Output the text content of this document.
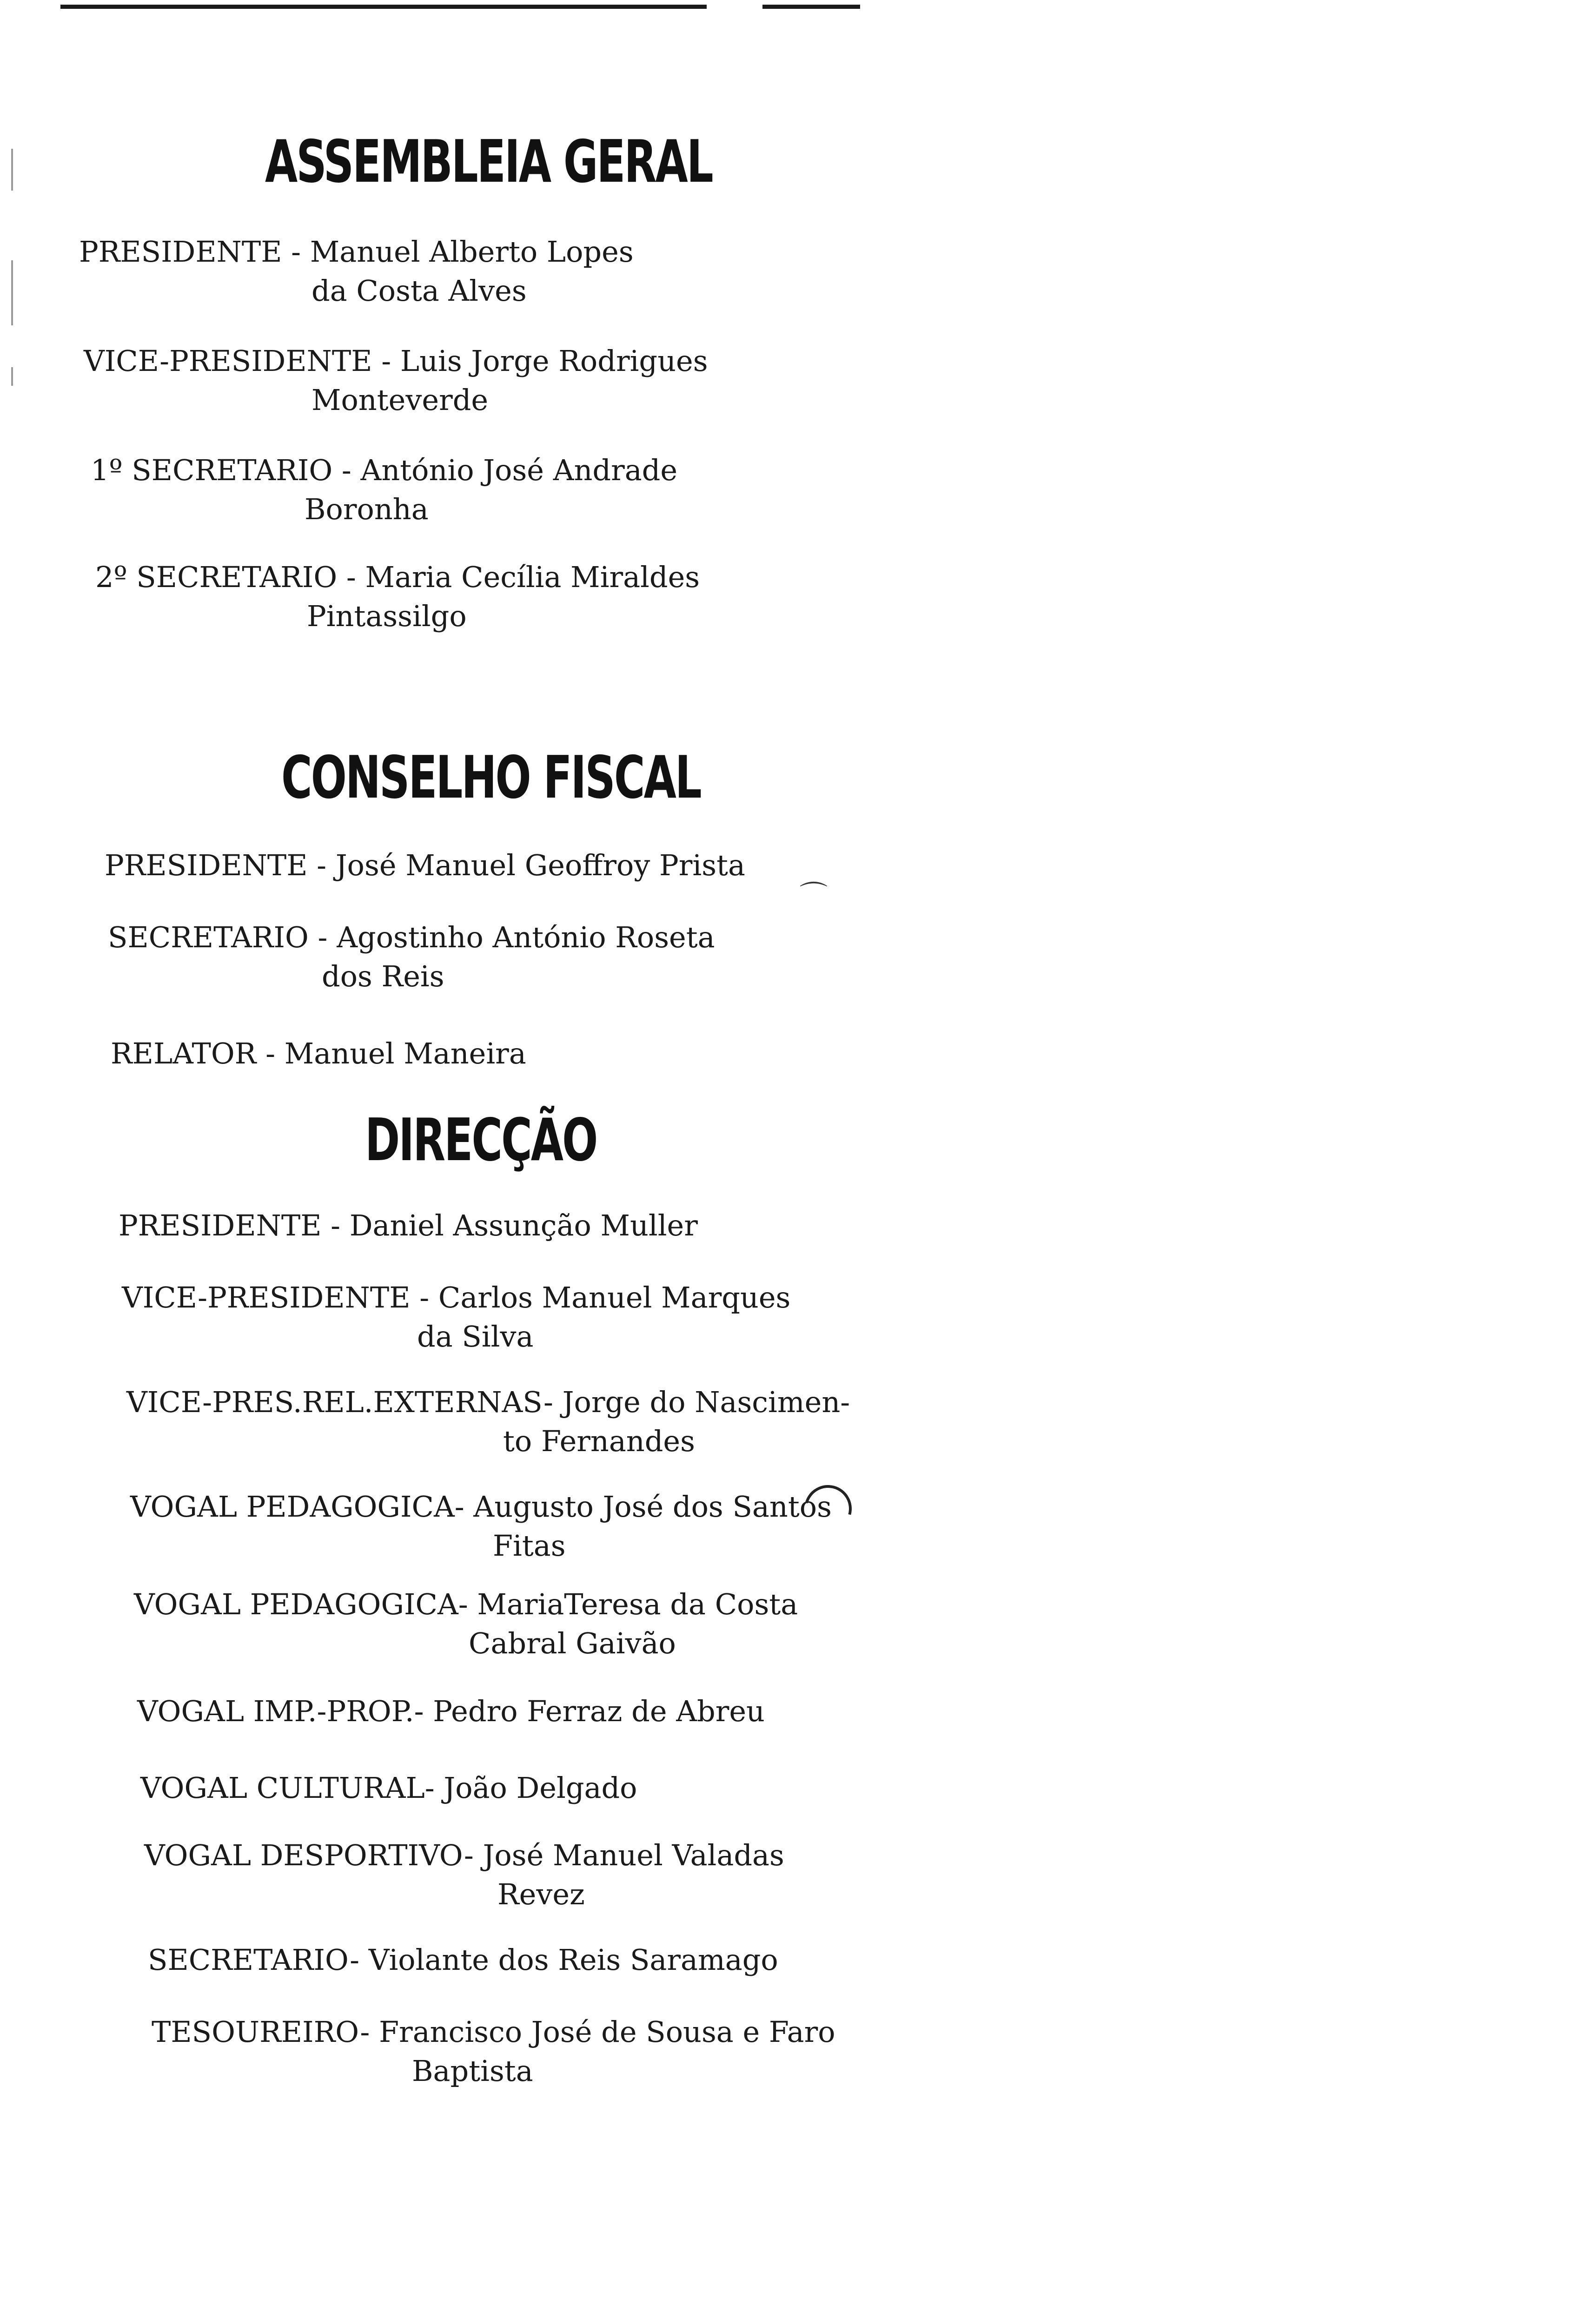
ASSEMBLEIA GERAL
PRESIDENTE - Manuel Alberto Lopes
da Costa Alves
VICE-PRESIDENTE - Luis Jorge Rodrigues
Monteverde
1º SECRETARIO - António José Andrade
Boronha
2º SECRETARIO - Maria Cecília Miraldes
Pintassilgo
CONSELHO FISCAL
PRESIDENTE - José Manuel Geoffroy Prista
⌒
SECRETARIO - Agostinho António Roseta
dos Reis
RELATOR - Manuel Maneira
DIRECÇÃO
PRESIDENTE - Daniel Assunção Muller
VICE-PRESIDENTE - Carlos Manuel Marques
da Silva
VICE-PRES.REL.EXTERNAS- Jorge do Nascimen-
to Fernandes
VOGAL PEDAGOGICA- Augusto José dos Santos
Fitas
VOGAL PEDAGOGICA- MariaTeresa da Costa
Cabral Gaivão
VOGAL IMP.-PROP.- Pedro Ferraz de Abreu
VOGAL CULTURAL- João Delgado
VOGAL DESPORTIVO- José Manuel Valadas
Revez
SECRETARIO- Violante dos Reis Saramago
TESOUREIRO- Francisco José de Sousa e Faro
Baptista
